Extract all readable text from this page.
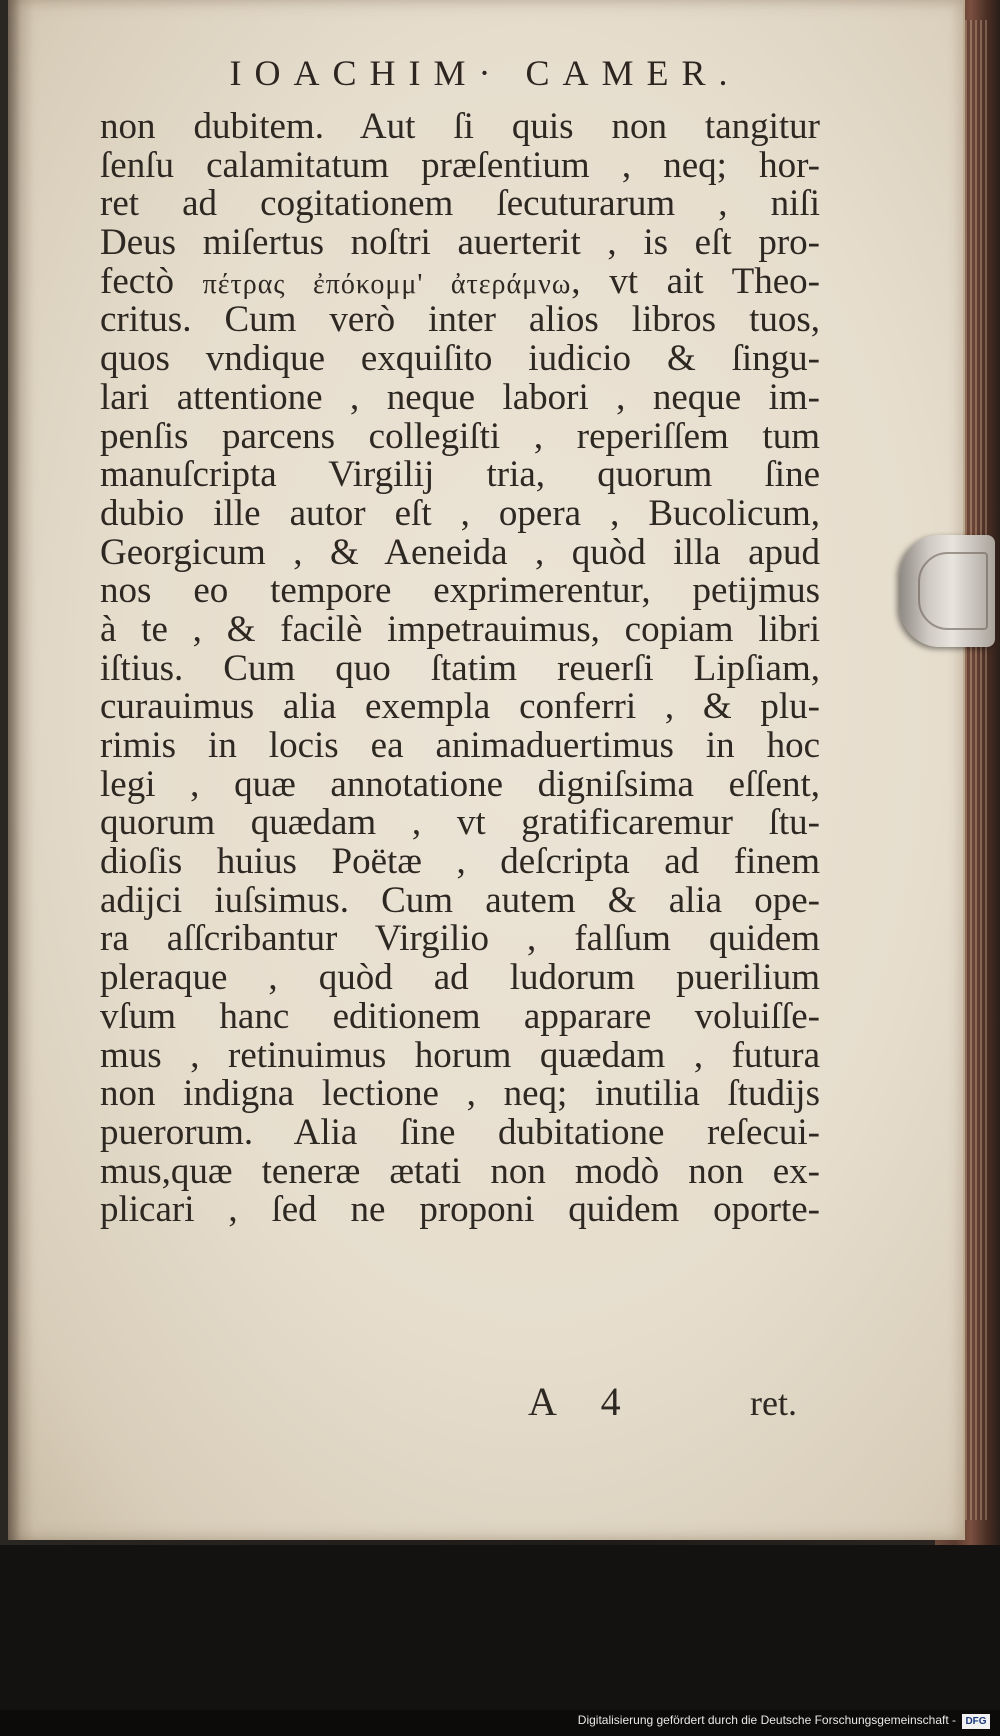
IOACHIM· CAMER.
non dubitem. Aut ſi quis non tangitur
ſenſu calamitatum præſentium , neq; hor-
ret ad cogitationem ſecuturarum , niſi
Deus miſertus noſtri auerterit , is eſt pro-
fectò πέτρας ἐπόκομμ' ἀτεράμνω, vt ait Theo-
critus. Cum verò inter alios libros tuos,
quos vndique exquiſito iudicio & ſingu-
lari attentione , neque labori , neque im-
penſis parcens collegiſti , reperiſſem tum
manuſcripta Virgilij tria, quorum ſine
dubio ille autor eſt , opera , Bucolicum,
Georgicum , & Aeneida , quòd illa apud
nos eo tempore exprimerentur, petijmus
à te , & facilè impetrauimus, copiam libri
iſtius. Cum quo ſtatim reuerſi Lipſiam,
curauimus alia exempla conferri , & plu-
rimis in locis ea animaduertimus in hoc
legi , quæ annotatione digniſsima eſſent,
quorum quædam , vt gratificaremur ſtu-
dioſis huius Poëtæ , deſcripta ad finem
adijci iuſsimus. Cum autem & alia ope-
ra aſſcribantur Virgilio , falſum quidem
pleraque , quòd ad ludorum puerilium
vſum hanc editionem apparare voluiſſe-
mus , retinuimus horum quædam , futura
non indigna lectione , neq; inutilia ſtudijs
puerorum. Alia ſine dubitatione reſecui-
mus,quæ teneræ ætati non modò non ex-
plicari , ſed ne proponi quidem oporte-
A 4	ret.
Digitalisierung gefördert durch die Deutsche Forschungsgemeinschaft - DFG
